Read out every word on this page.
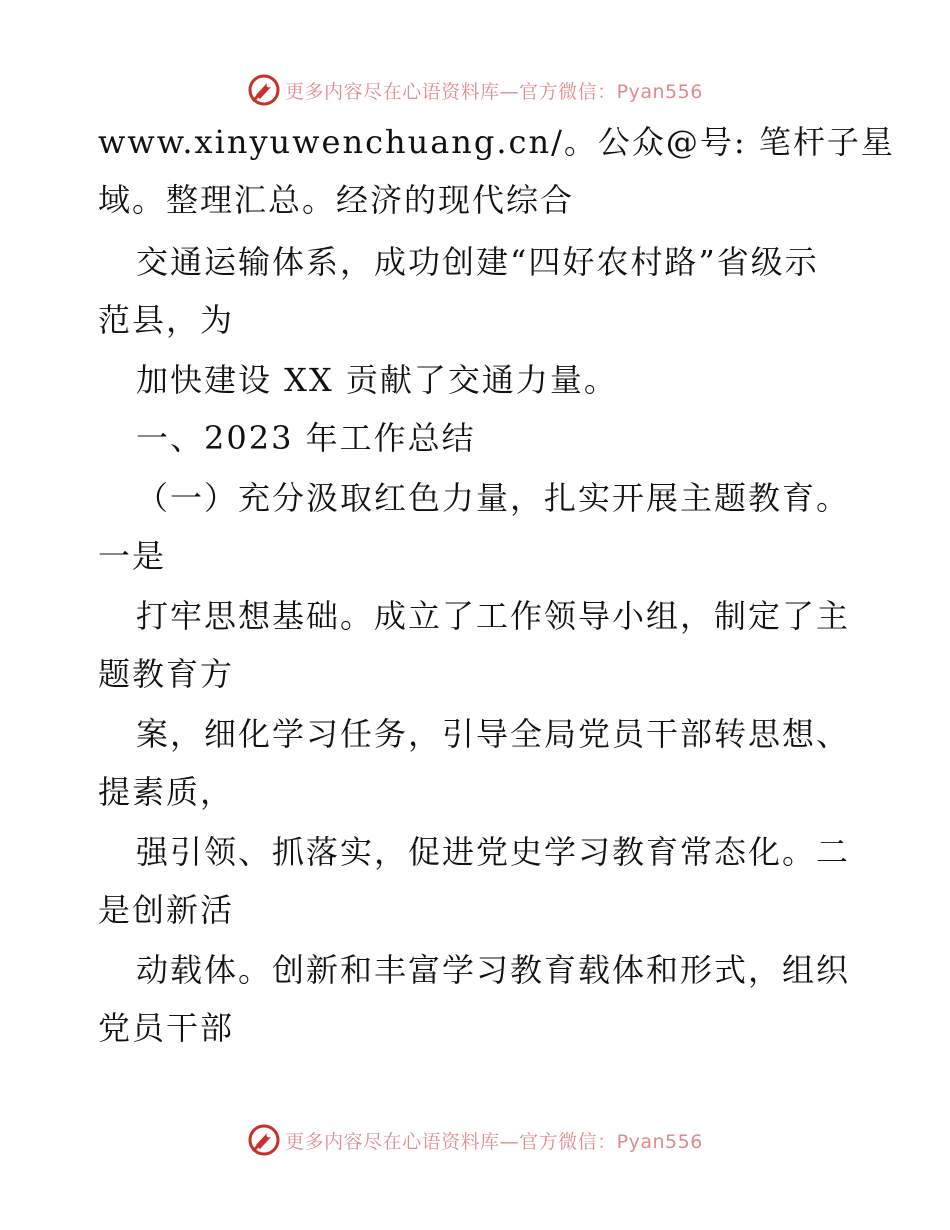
更多内容尽在心语资料库—官方微信：Pyan556
www.xinyuwenchuang.cn/。公众@号: 笔杆子星
域。整理汇总。经济的现代综合
交通运输体系，成功创建“四好农村路”省级示
范县，为
加快建设 XX 贡献了交通力量。
一、2023 年工作总结
（一）充分汲取红色力量，扎实开展主题教育。
一是
打牢思想基础。成立了工作领导小组，制定了主
题教育方
案，细化学习任务，引导全局党员干部转思想、
提素质，
强引领、抓落实，促进党史学习教育常态化。二
是创新活
动载体。创新和丰富学习教育载体和形式，组织
党员干部
更多内容尽在心语资料库—官方微信：Pyan556
